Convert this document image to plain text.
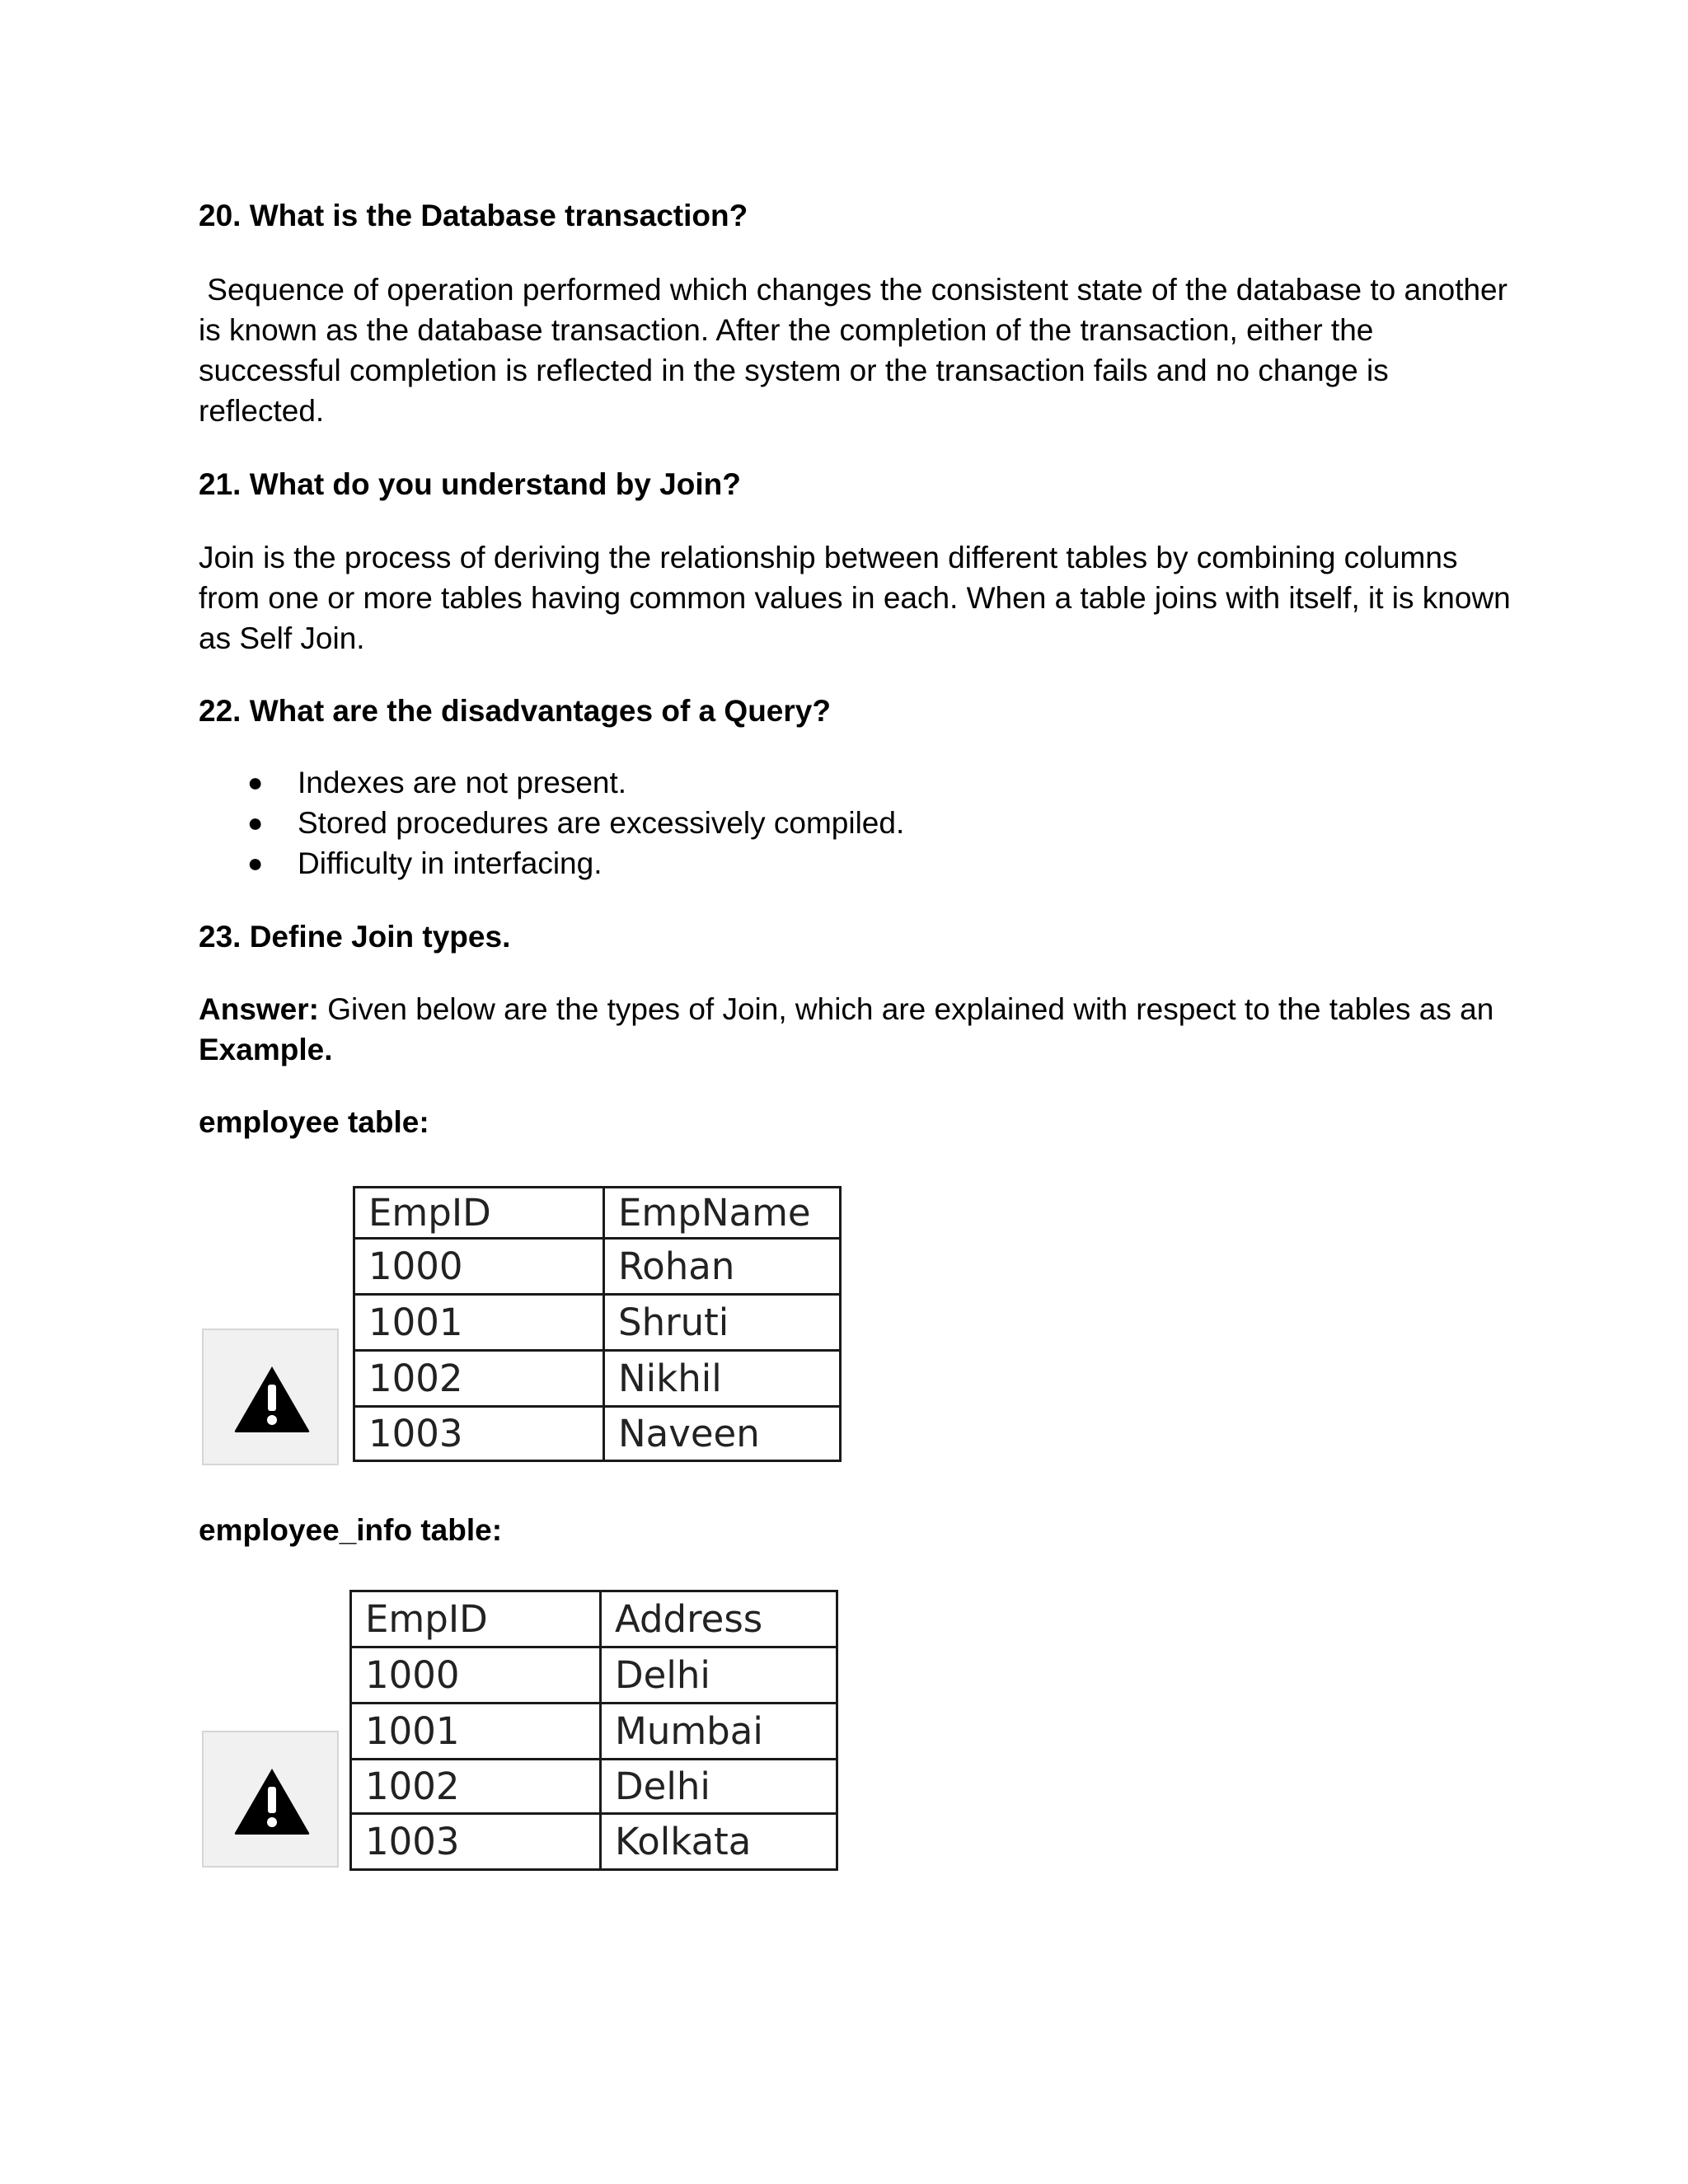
20. What is the Database transaction?
Sequence of operation performed which changes the consistent state of the database to another is known as the database transaction. After the completion of the transaction, either the successful completion is reflected in the system or the transaction fails and no change is reflected.
21. What do you understand by Join?
Join is the process of deriving the relationship between different tables by combining columns from one or more tables having common values in each. When a table joins with itself, it is known as Self Join.
22. What are the disadvantages of a Query?
● Indexes are not present.
● Stored procedures are excessively compiled.
● Difficulty in interfacing.
23. Define Join types.
Answer: Given below are the types of Join, which are explained with respect to the tables as an Example.
employee table:
EmpID	EmpName
1000	Rohan
1001	Shruti
1002	Nikhil
1003	Naveen
employee_info table:
EmpID	Address
1000	Delhi
1001	Mumbai
1002	Delhi
1003	Kolkata
